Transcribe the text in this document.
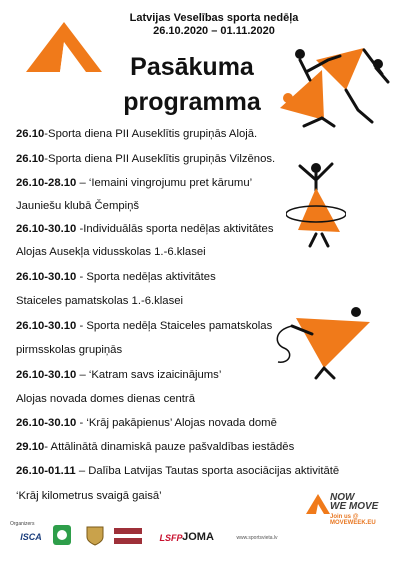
Latvijas Veselības sporta nedēļa
26.10.2020 – 01.11.2020
Pasākuma
programma
26.10-Sporta diena PII Auseklītis grupiņās Alojā.
26.10-Sporta diena PII Auseklītis grupiņās Vilzēnos.
26.10-28.10 – ‘Iemaini vingrojumu pret kārumu’
Jauniešu klubā Čempiņš
26.10-30.10 -Individuālās sporta nedēļas aktivitātes
Alojas Ausekļa vidusskolas 1.-6.klasei
26.10-30.10 - Sporta nedēļas aktivitātes
Staiceles pamatskolas 1.-6.klasei
26.10-30.10 - Sporta nedēļa Staiceles pamatskolas
pirmsskolas grupiņās
26.10-30.10 – ‘Katram savs izaicinājums’
Alojas novada domes dienas centrā
26.10-30.10 - ‘Krāj pakāpienus’ Alojas novada domē
29.10- Attālinātā dinamiskā pauze pašvaldības iestādēs
26.10-01.11 – Dalība Latvijas Tautas sporta asociācijas aktivitātē
‘Krāj kilometrus svaigā gaisā’	NOW
WE MOVE
Join us @
MOVEWEEK.EU
Organizers
ISCA	LSFP JOMA	www.sportsvieta.lv
